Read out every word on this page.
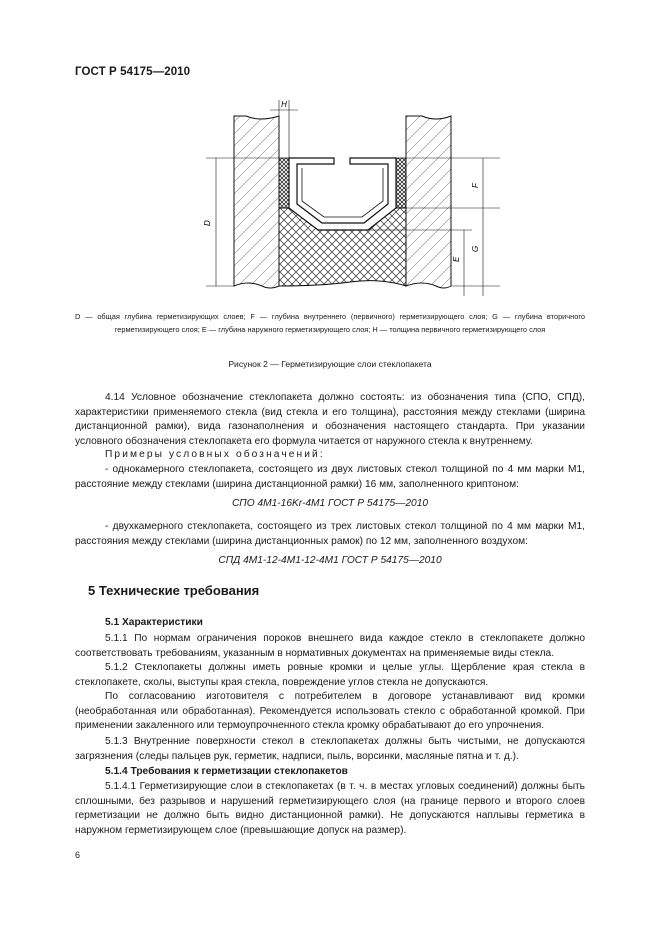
ГОСТ Р 54175—2010
H
D
F
G
E
D — общая глубина герметизирующих слоев; F — глубина внутреннего (первичного) герметизирующего слоя; G — глубина вторичного герметизирующего слоя; E — глубина наружного герметизирующего слоя; H — толщина первичного герметизирующего слоя
Рисунок 2 — Герметизирующие слои стеклопакета
4.14 Условное обозначение стеклопакета должно состоять: из обозначения типа (СПО, СПД), характеристики применяемого стекла (вид стекла и его толщина), расстояния между стеклами (ширина дистанционной рамки), вида газонаполнения и обозначения настоящего стандарта. При указании условного обозначения стеклопакета его формула читается от наружного стекла к внутреннему.
Примеры условных обозначений:
- однокамерного стеклопакета, состоящего из двух листовых стекол толщиной по 4 мм марки М1, расстояние между стеклами (ширина дистанционной рамки) 16 мм, заполненного криптоном:
СПО 4М1-16Kr-4М1 ГОСТ Р 54175—2010
- двухкамерного стеклопакета, состоящего из трех листовых стекол толщиной по 4 мм марки М1, расстояния между стеклами (ширина дистанционных рамок) по 12 мм, заполненного воздухом:
СПД 4М1-12-4М1-12-4М1 ГОСТ Р 54175—2010
5 Технические требования
5.1 Характеристики
5.1.1 По нормам ограничения пороков внешнего вида каждое стекло в стеклопакете должно соответствовать требованиям, указанным в нормативных документах на применяемые виды стекла.
5.1.2 Стеклопакеты должны иметь ровные кромки и целые углы. Щербление края стекла в стеклопакете, сколы, выступы края стекла, повреждение углов стекла не допускаются.
По согласованию изготовителя с потребителем в договоре устанавливают вид кромки (необработанная или обработанная). Рекомендуется использовать стекло с обработанной кромкой. При применении закаленного или термоупрочненного стекла кромку обрабатывают до его упрочнения.
5.1.3 Внутренние поверхности стекол в стеклопакетах должны быть чистыми, не допускаются загрязнения (следы пальцев рук, герметик, надписи, пыль, ворсинки, масляные пятна и т. д.).
5.1.4 Требования к герметизации стеклопакетов
5.1.4.1 Герметизирующие слои в стеклопакетах (в т. ч. в местах угловых соединений) должны быть сплошными, без разрывов и нарушений герметизирующего слоя (на границе первого и второго слоев герметизации не должно быть видно дистанционной рамки). Не допускаются наплывы герметика в наружном герметизирующем слое (превышающие допуск на размер).
6
